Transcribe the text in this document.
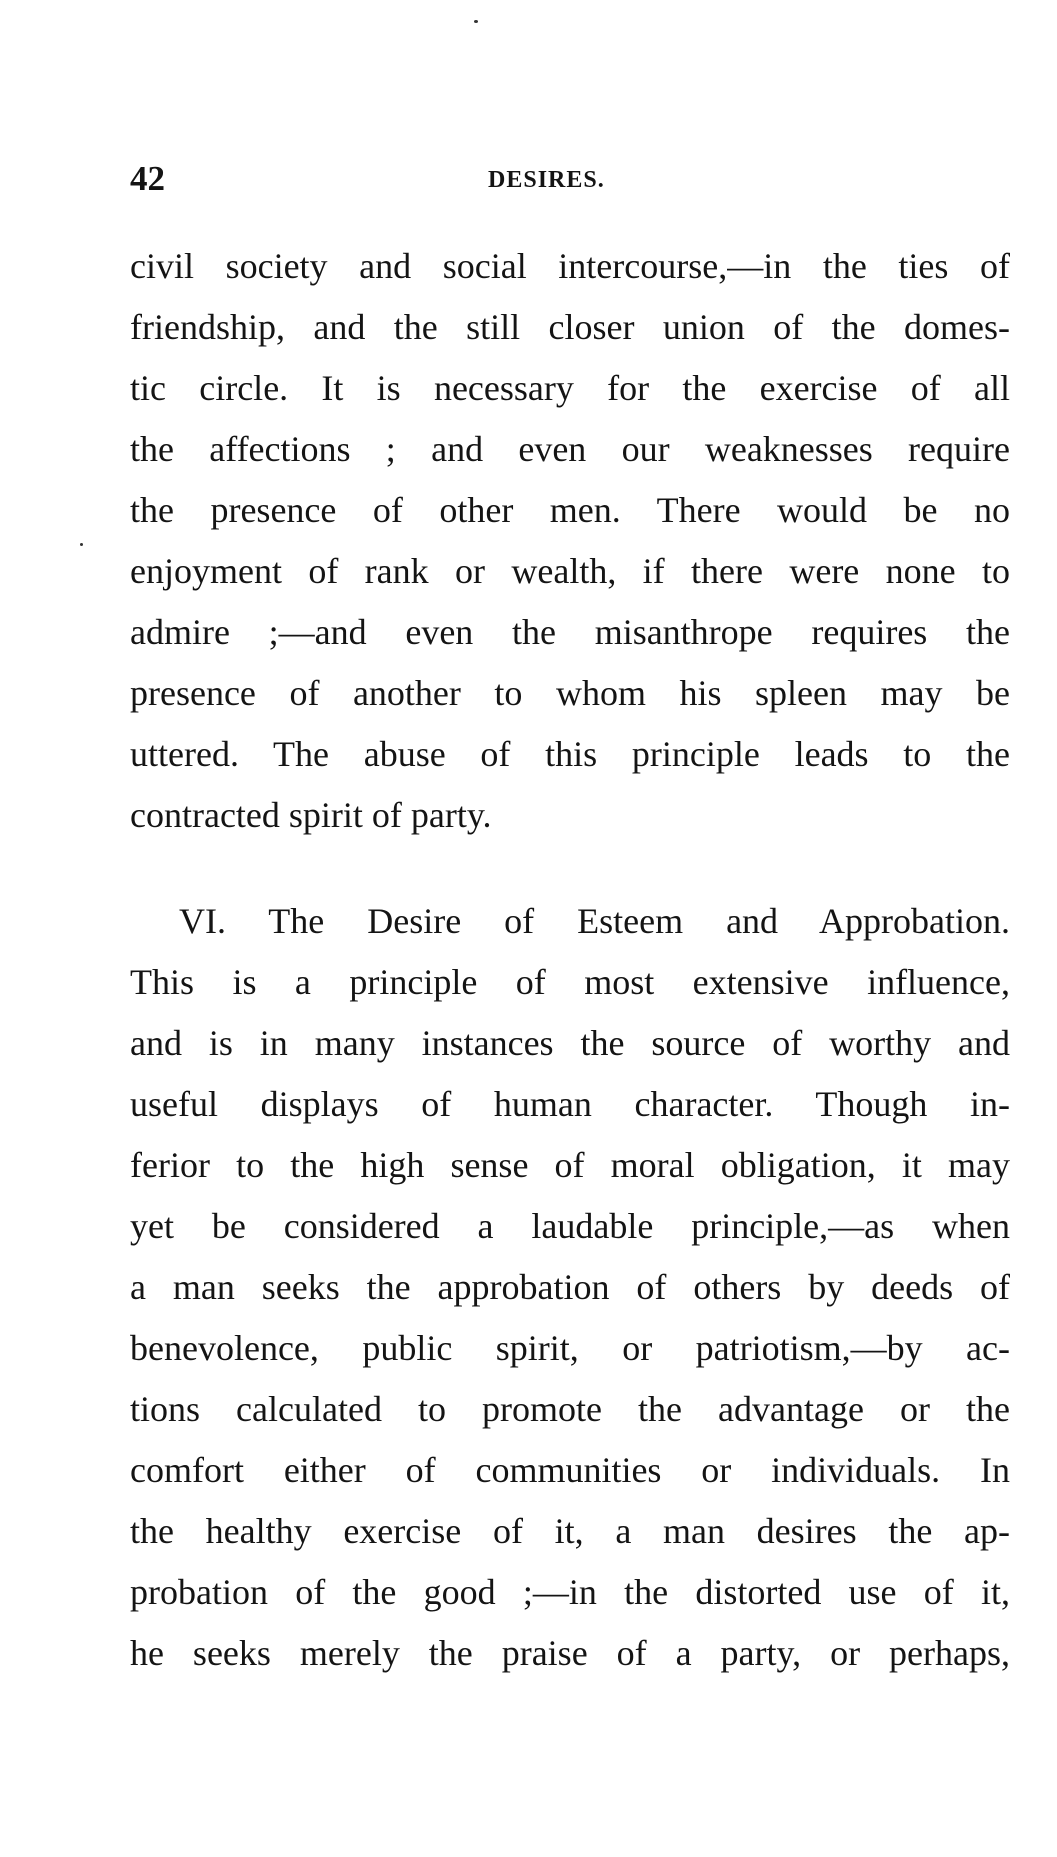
42	DESIRES.
civil society and social intercourse,—in the ties of
friendship, and the still closer union of the domes-
tic circle. It is necessary for the exercise of all
the affections ; and even our weaknesses require
the presence of other men. There would be no
enjoyment of rank or wealth, if there were none to
admire ;—and even the misanthrope requires the
presence of another to whom his spleen may be
uttered. The abuse of this principle leads to the
contracted spirit of party.
VI. The Desire of Esteem and Approbation.
This is a principle of most extensive influence,
and is in many instances the source of worthy and
useful displays of human character. Though in-
ferior to the high sense of moral obligation, it may
yet be considered a laudable principle,—as when
a man seeks the approbation of others by deeds of
benevolence, public spirit, or patriotism,—by ac-
tions calculated to promote the advantage or the
comfort either of communities or individuals. In
the healthy exercise of it, a man desires the ap-
probation of the good ;—in the distorted use of it,
he seeks merely the praise of a party, or perhaps,
